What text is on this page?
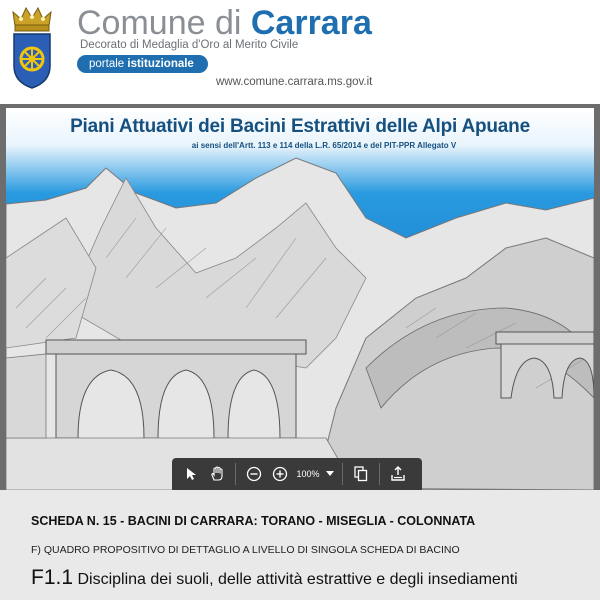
Comune di Carrara
Decorato di Medaglia d'Oro al Merito Civile
portale istituzionale
www.comune.carrara.ms.gov.it
Piani Attuativi dei Bacini Estrattivi delle Alpi Apuane
ai sensi dell'Artt. 113 e 114 della L.R. 65/2014 e del PIT-PPR Allegato V
100%
SCHEDA N. 15 - BACINI DI CARRARA: TORANO - MISEGLIA - COLONNATA
F) QUADRO PROPOSITIVO DI DETTAGLIO A LIVELLO DI SINGOLA SCHEDA DI BACINO
F1.1 Disciplina dei suoli, delle attività estrattive e degli insediamenti
